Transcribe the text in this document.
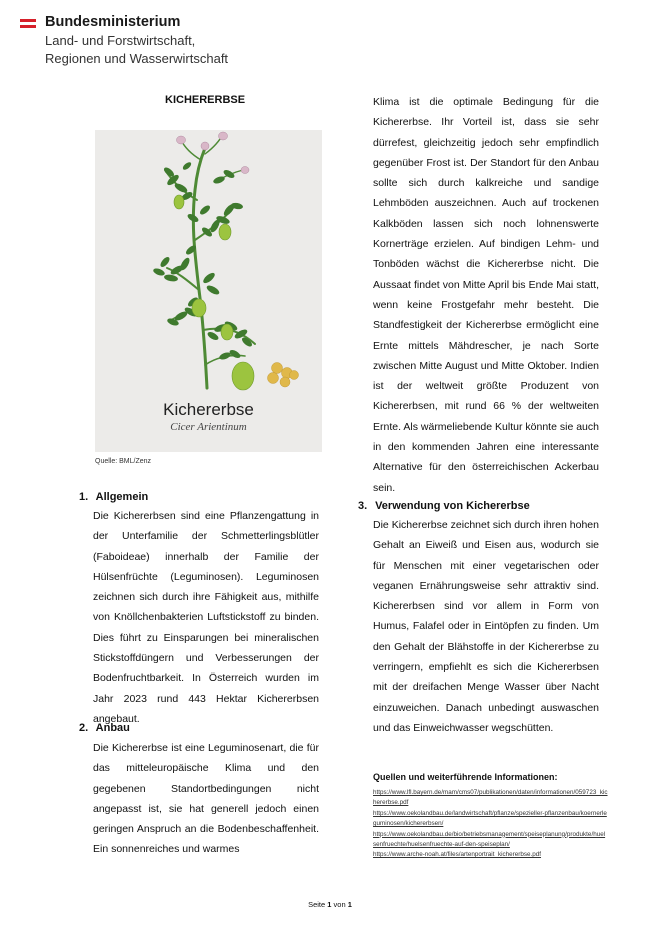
Bundesministerium
Land- und Forstwirtschaft,
Regionen und Wasserwirtschaft
KICHERERBSE
Kichererbse
Cicer Arientinum
Quelle: BML/Zenz
1. Allgemein
Die Kichererbsen sind eine Pflanzengattung in der Unterfamilie der Schmetterlingsblütler (Faboideae) innerhalb der Familie der Hülsenfrüchte (Leguminosen). Leguminosen zeichnen sich durch ihre Fähigkeit aus, mithilfe von Knöllchenbakterien Luftstickstoff zu binden. Dies führt zu Einsparungen bei mineralischen Stickstoffdüngern und Verbesserungen der Bodenfruchtbarkeit. In Österreich wurden im Jahr 2023 rund 443 Hektar Kichererbsen angebaut.
2. Anbau
Die Kichererbse ist eine Leguminosenart, die für das mitteleuropäische Klima und den gegebenen Standortbedingungen nicht angepasst ist, sie hat generell jedoch einen geringen Anspruch an die Bodenbeschaffenheit. Ein sonnenreiches und warmes
Klima ist die optimale Bedingung für die Kichererbse. Ihr Vorteil ist, dass sie sehr dürrefest, gleichzeitig jedoch sehr empfindlich gegenüber Frost ist. Der Standort für den Anbau sollte sich durch kalkreiche und sandige Lehmböden auszeichnen. Auch auf trockenen Kalkböden lassen sich noch lohnenswerte Kornerträge erzielen. Auf bindigen Lehm- und Tonböden wächst die Kichererbse nicht. Die Aussaat findet von Mitte April bis Ende Mai statt, wenn keine Frostgefahr mehr besteht. Die Standfestigkeit der Kichererbse ermöglicht eine Ernte mittels Mähdrescher, je nach Sorte zwischen Mitte August und Mitte Oktober. Indien ist der weltweit größte Produzent von Kichererbsen, mit rund 66 % der weltweiten Ernte. Als wärmeliebende Kultur könnte sie auch in den kommenden Jahren eine interessante Alternative für den österreichischen Ackerbau sein.
3. Verwendung von Kichererbse
Die Kichererbse zeichnet sich durch ihren hohen Gehalt an Eiweiß und Eisen aus, wodurch sie für Menschen mit einer vegetarischen oder veganen Ernährungsweise sehr attraktiv sind. Kichererbsen sind vor allem in Form von Humus, Falafel oder in Eintöpfen zu finden. Um den Gehalt der Blähstoffe in der Kichererbse zu verringern, empfiehlt es sich die Kichererbsen mit der dreifachen Menge Wasser über Nacht einzuweichen. Danach unbedingt auswaschen und das Einweichwasser wegschütten.
Quellen und weiterführende Informationen:
https://www.lfl.bayern.de/mam/cms07/publikationen/daten/informationen/059723_kichererbse.pdf
https://www.oekolandbau.de/landwirtschaft/pflanze/spezieller-pflanzenbau/koernerleguminosen/kichererbsen/
https://www.oekolandbau.de/bio/betriebsmanagement/speiseplanung/produkte/huelsenfruechte/huelsenfruechte-auf-den-speiseplan/
https://www.arche-noah.at/files/artenportrait_kichererbse.pdf
Seite 1 von 1
